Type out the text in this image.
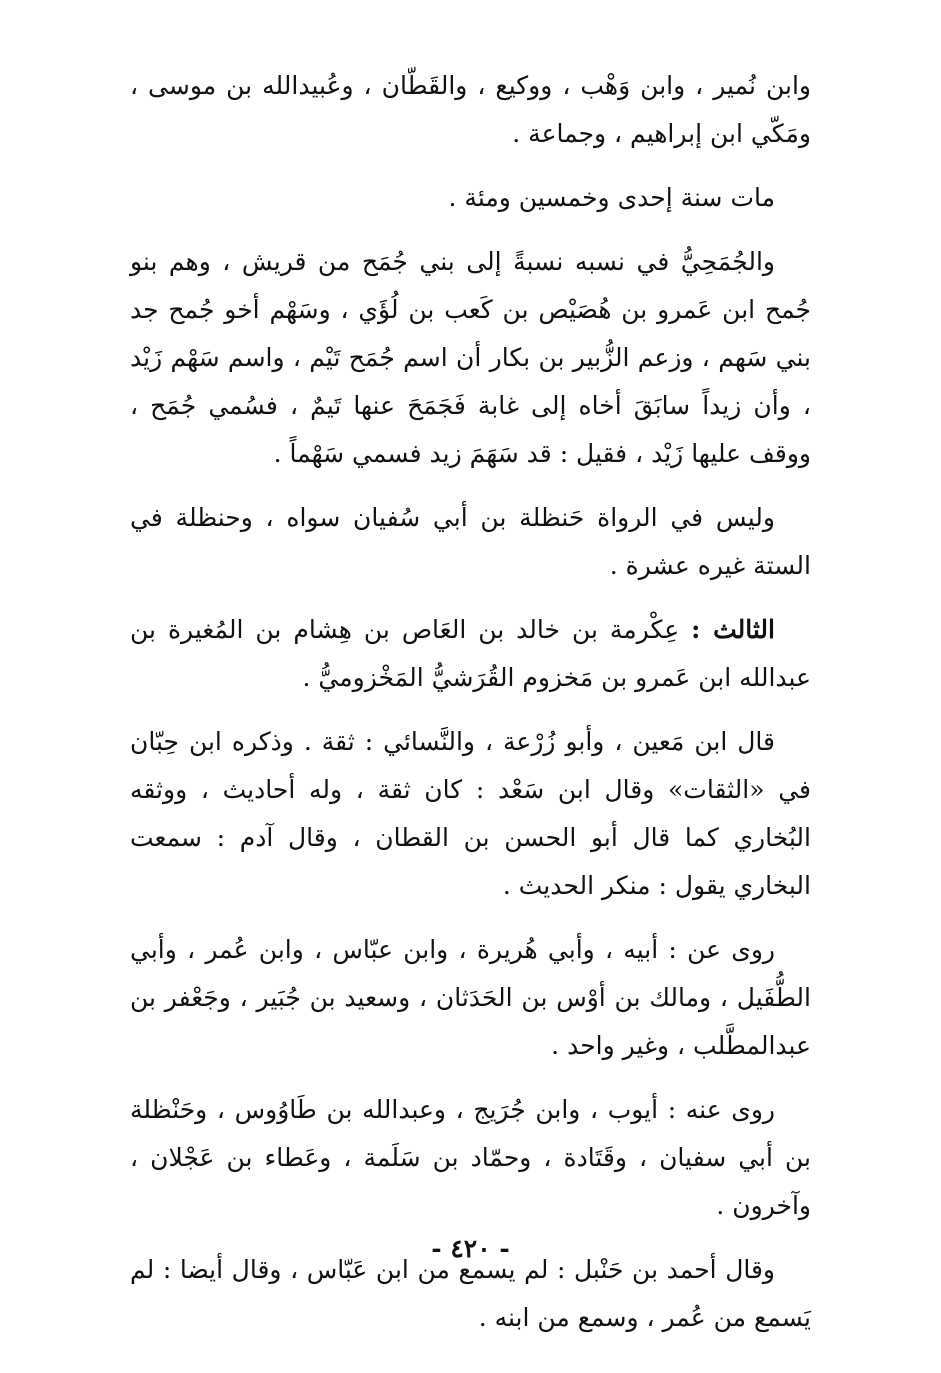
وابن نُمير ، وابن وَهْب ، ووكيع ، والقَطّان ، وعُبيدالله بن موسى ، ومَكّي ابن إبراهيم ، وجماعة .

مات سنة إحدى وخمسين ومئة .

والجُمَحِيُّ في نسبه نسبةً إلى بني جُمَح من قريش ، وهم بنو جُمح ابن عَمرو بن هُصَيْص بن كَعب بن لُؤَي ، وسَهْم أخو جُمح جد بني سَهم ، وزعم الزُّبير بن بكار أن اسم جُمَح تَيْم ، واسم سَهْم زَيْد ، وأن زيداً سابَقَ أخاه إلى غابة فَجَمَحَ عنها تَيمٌ ، فسُمي جُمَح ، ووقف عليها زَيْد ، فقيل : قد سَهَمَ زيد فسمي سَهْماً .

وليس في الرواة حَنظلة بن أبي سُفيان سواه ، وحنظلة في الستة غيره عشرة .

الثالث : عِكْرمة بن خالد بن العَاص بن هِشام بن المُغيرة بن عبدالله ابن عَمرو بن مَخزوم القُرَشيُّ المَخْزوميُّ .

قال ابن مَعين ، وأبو زُرْعة ، والنَّسائي : ثقة . وذكره ابن حِبّان في «الثقات» وقال ابن سَعْد : كان ثقة ، وله أحاديث ، ووثقه البُخاري كما قال أبو الحسن بن القطان ، وقال آدم : سمعت البخاري يقول : منكر الحديث .

روى عن : أبيه ، وأبي هُريرة ، وابن عبّاس ، وابن عُمر ، وأبي الطُّفَيل ، ومالك بن أوْس بن الحَدَثان ، وسعيد بن جُبَير ، وجَعْفر بن عبدالمطَّلب ، وغير واحد .

روى عنه : أيوب ، وابن جُرَيج ، وعبدالله بن طَاوُوس ، وحَنْظلة بن أبي سفيان ، وقَتَادة ، وحمّاد بن سَلَمة ، وعَطاء بن عَجْلان ، وآخرون .

وقال أحمد بن حَنْبل : لم يسمع من ابن عَبّاس ، وقال أيضا : لم يَسمع من عُمر ، وسمع من ابنه .

- ٤٢٠ -
